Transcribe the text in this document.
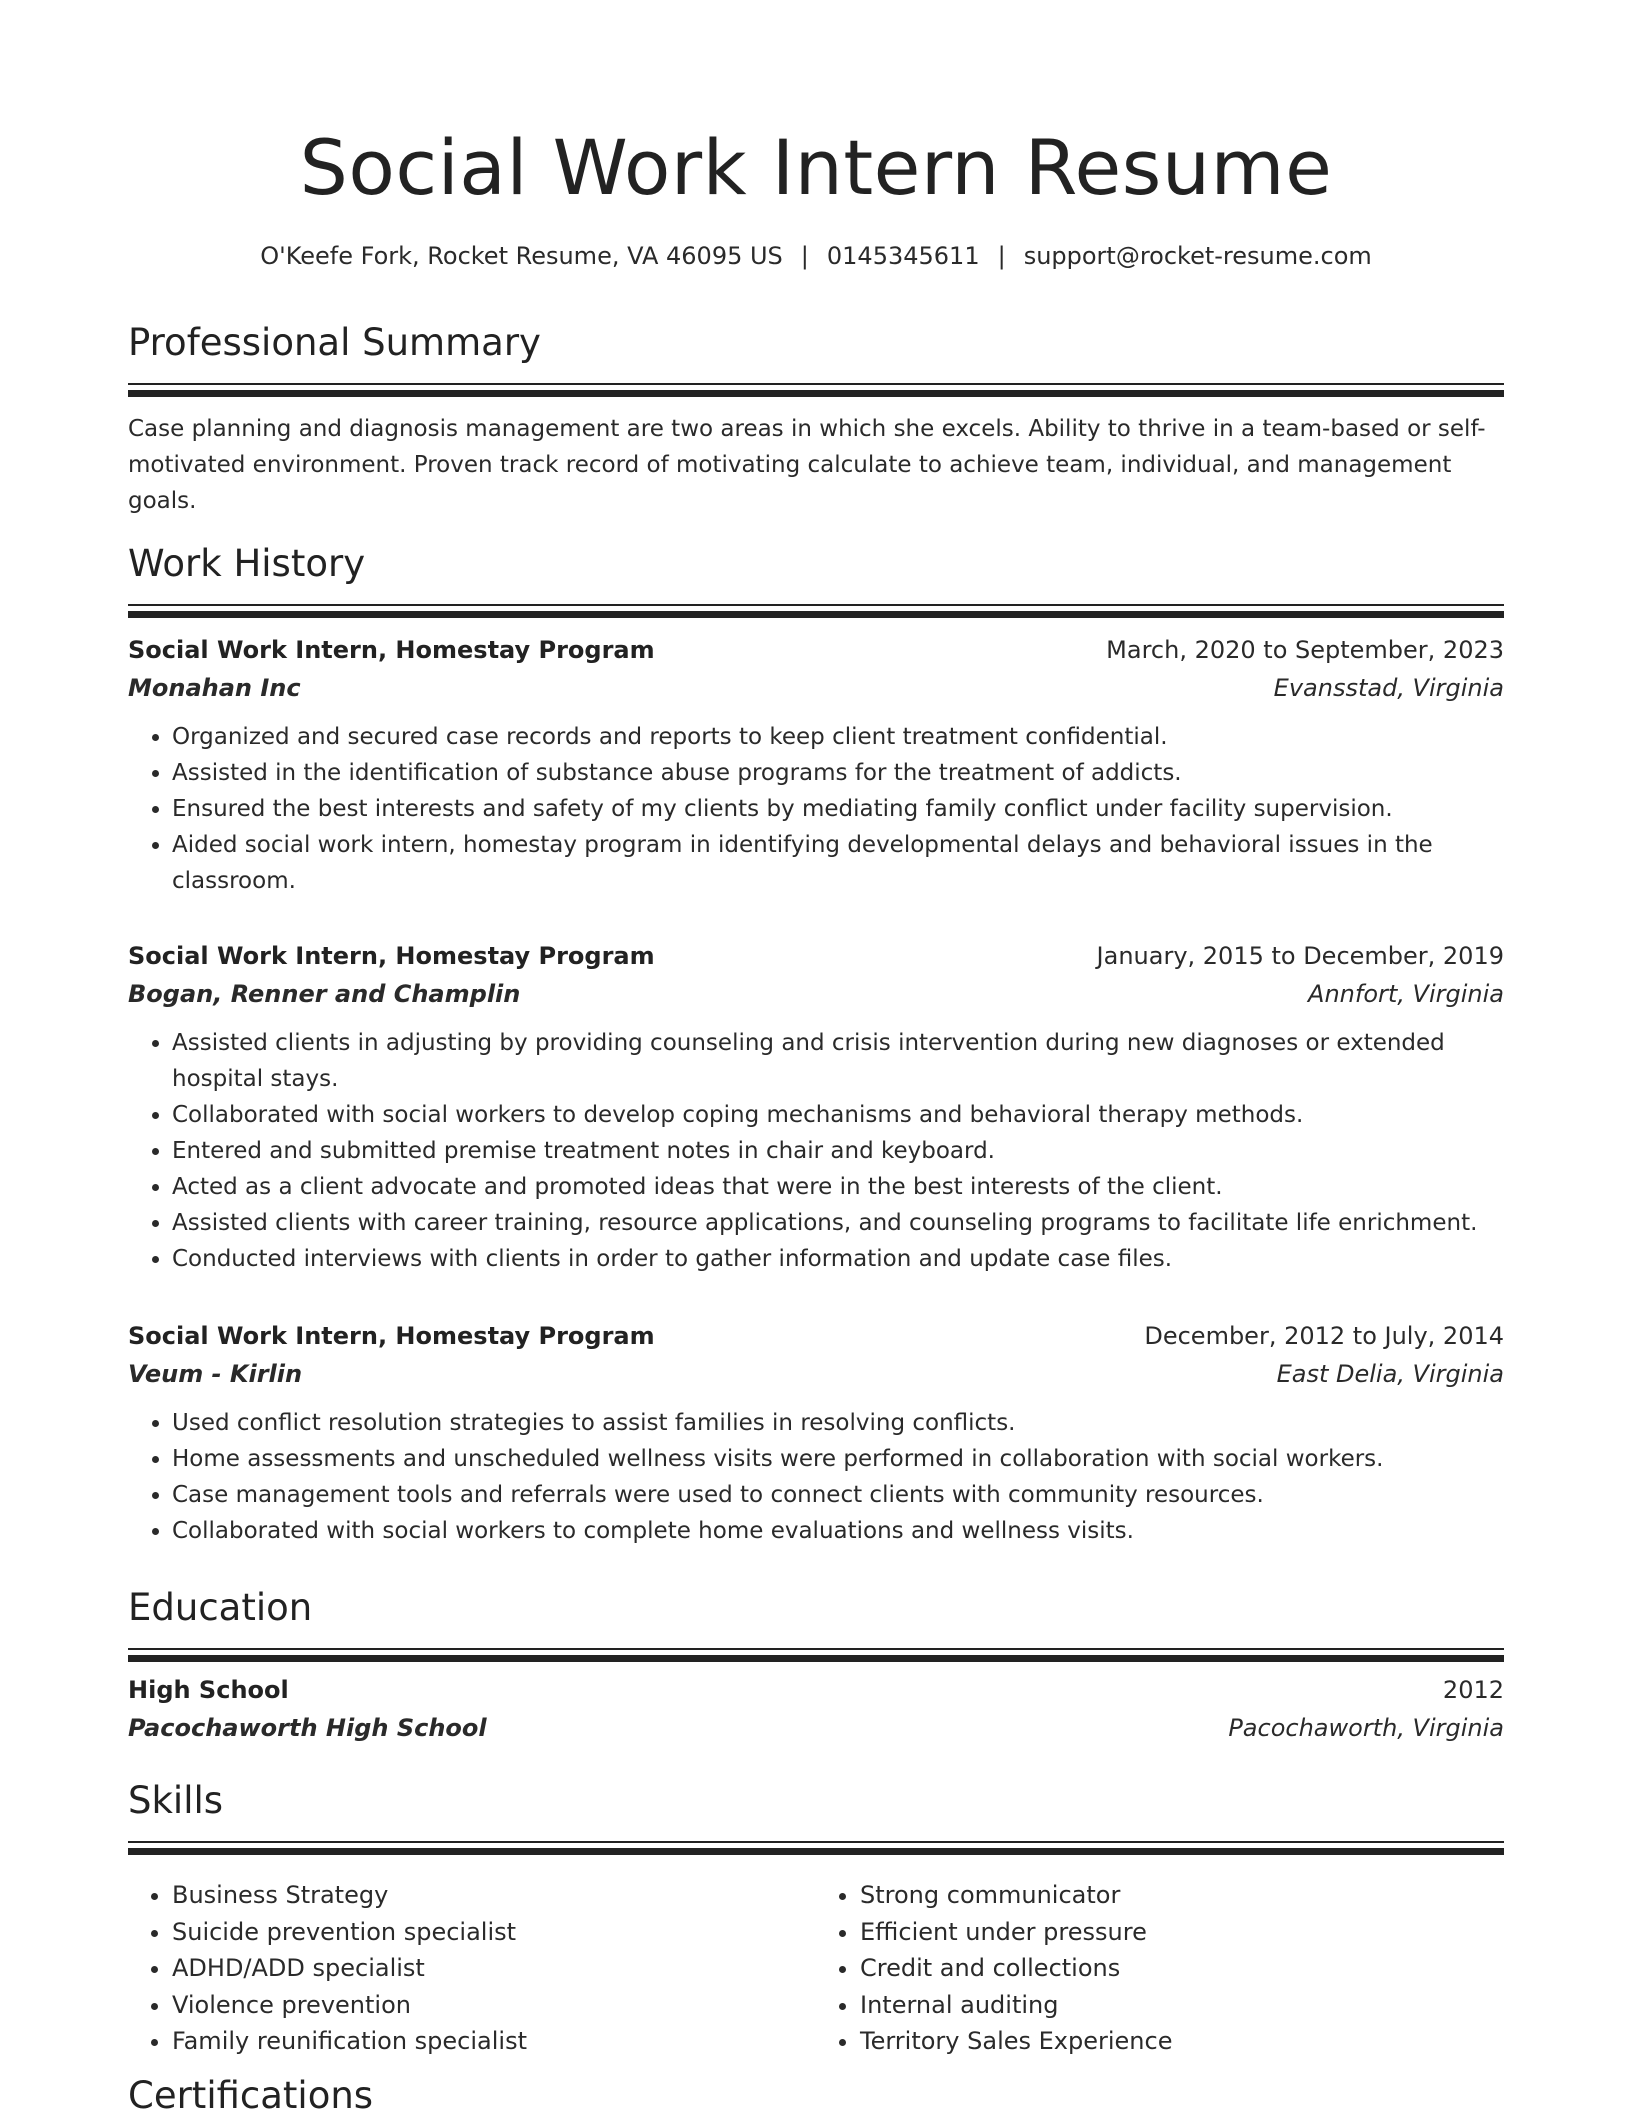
Social Work Intern Resume
O'Keefe Fork, Rocket Resume, VA 46095 US | 0145345611 | support@rocket-resume.com
Professional Summary
Case planning and diagnosis management are two areas in which she excels. Ability to thrive in a team-based or self-motivated environment. Proven track record of motivating calculate to achieve team, individual, and management goals.
Work History
Social Work Intern, Homestay Program	March, 2020 to September, 2023
Monahan Inc	Evansstad, Virginia
• Organized and secured case records and reports to keep client treatment confidential.
• Assisted in the identification of substance abuse programs for the treatment of addicts.
• Ensured the best interests and safety of my clients by mediating family conflict under facility supervision.
• Aided social work intern, homestay program in identifying developmental delays and behavioral issues in the classroom.
Social Work Intern, Homestay Program	January, 2015 to December, 2019
Bogan, Renner and Champlin	Annfort, Virginia
• Assisted clients in adjusting by providing counseling and crisis intervention during new diagnoses or extended hospital stays.
• Collaborated with social workers to develop coping mechanisms and behavioral therapy methods.
• Entered and submitted premise treatment notes in chair and keyboard.
• Acted as a client advocate and promoted ideas that were in the best interests of the client.
• Assisted clients with career training, resource applications, and counseling programs to facilitate life enrichment.
• Conducted interviews with clients in order to gather information and update case files.
Social Work Intern, Homestay Program	December, 2012 to July, 2014
Veum - Kirlin	East Delia, Virginia
• Used conflict resolution strategies to assist families in resolving conflicts.
• Home assessments and unscheduled wellness visits were performed in collaboration with social workers.
• Case management tools and referrals were used to connect clients with community resources.
• Collaborated with social workers to complete home evaluations and wellness visits.
Education
High School	2012
Pacochaworth High School	Pacochaworth, Virginia
Skills
• Business Strategy
• Suicide prevention specialist
• ADHD/ADD specialist
• Violence prevention
• Family reunification specialist
• Strong communicator
• Efficient under pressure
• Credit and collections
• Internal auditing
• Territory Sales Experience
Certifications
